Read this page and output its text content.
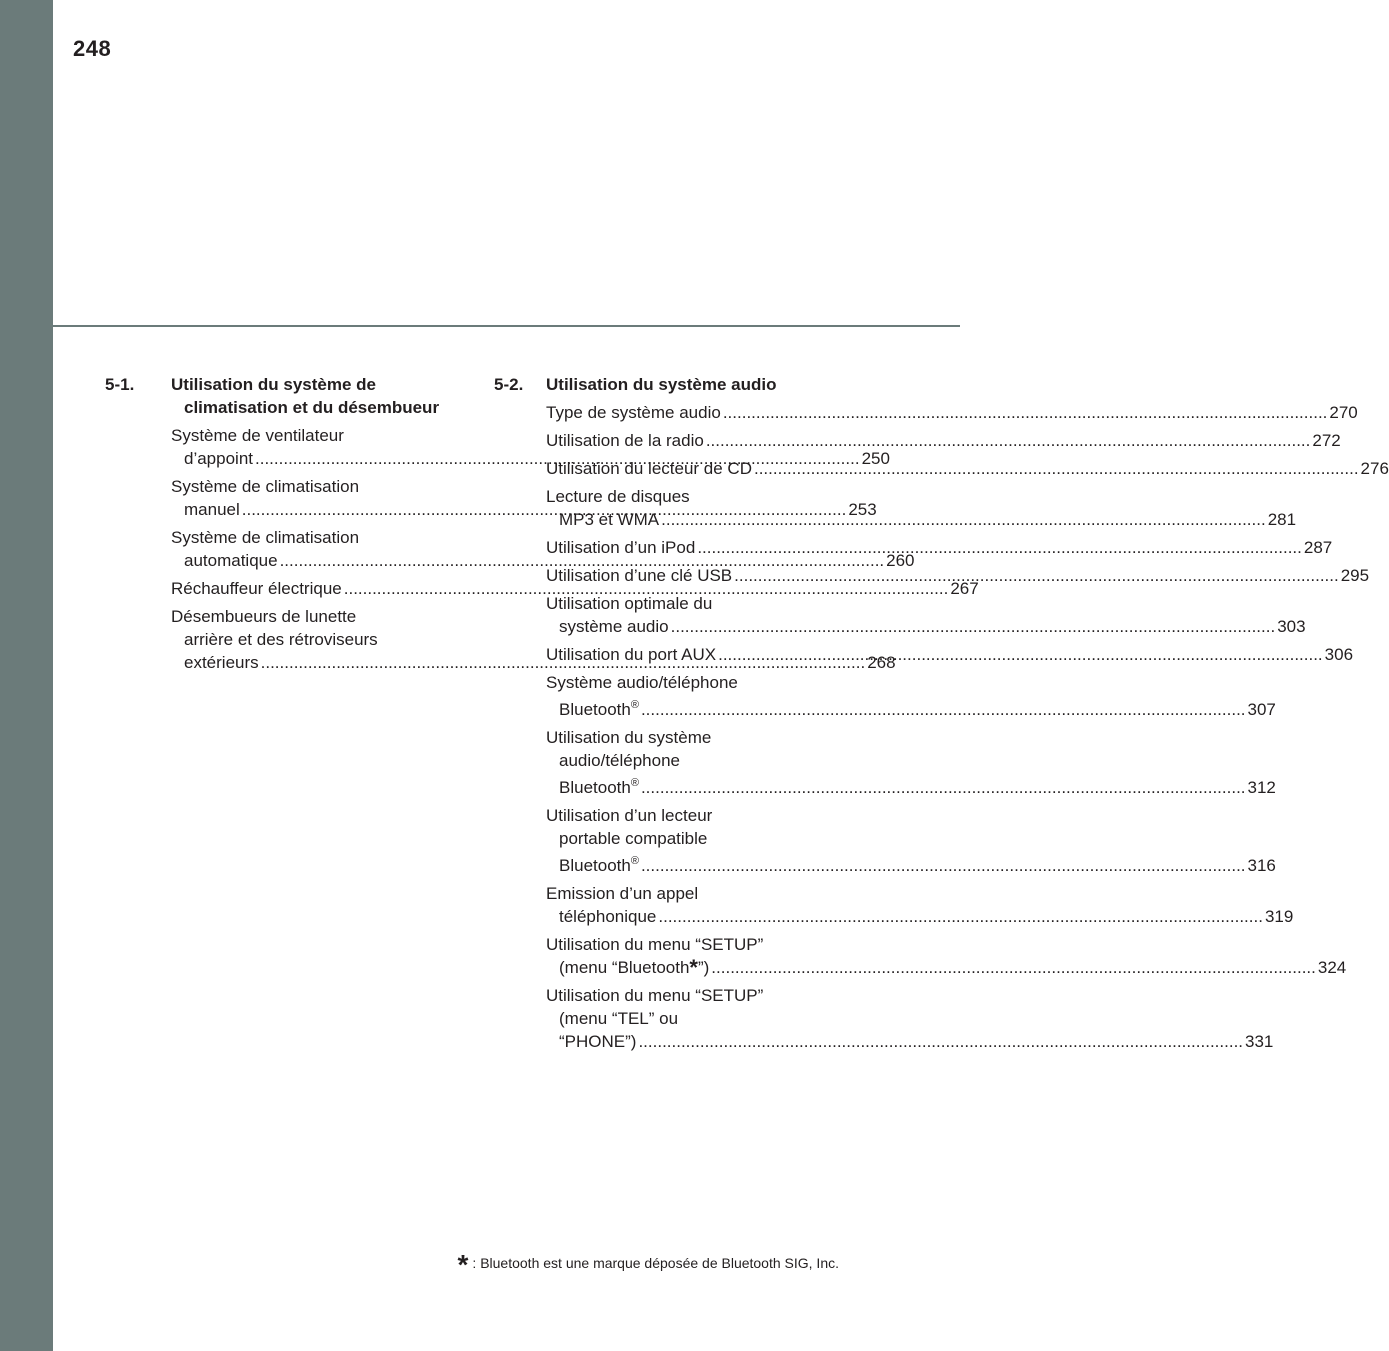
248
5-1.	Utilisation du système de
climatisation et du désembueur
Système de ventilateur
d’appoint .....	250
Système de climatisation
manuel .....	253
Système de climatisation
automatique .....	260
Réchauffeur électrique .....	267
Désembueurs de lunette
arrière et des rétroviseurs
extérieurs .....	268
5-2.	Utilisation du système audio
Type de système audio .....	270
Utilisation de la radio .....	272
Utilisation du lecteur de CD .....	276
Lecture de disques
MP3 et WMA .....	281
Utilisation d’un iPod .....	287
Utilisation d’une clé USB .....	295
Utilisation optimale du
système audio .....	303
Utilisation du port AUX .....	306
Système audio/téléphone
Bluetooth® .....	307
Utilisation du système
audio/téléphone
Bluetooth® .....	312
Utilisation d’un lecteur
portable compatible
Bluetooth® .....	316
Emission d’un appel
téléphonique .....	319
Utilisation du menu “SETUP”
(menu “Bluetooth*”) .....	324
Utilisation du menu “SETUP”
(menu “TEL” ou
“PHONE”) .....	331
* : Bluetooth est une marque déposée de Bluetooth SIG, Inc.
